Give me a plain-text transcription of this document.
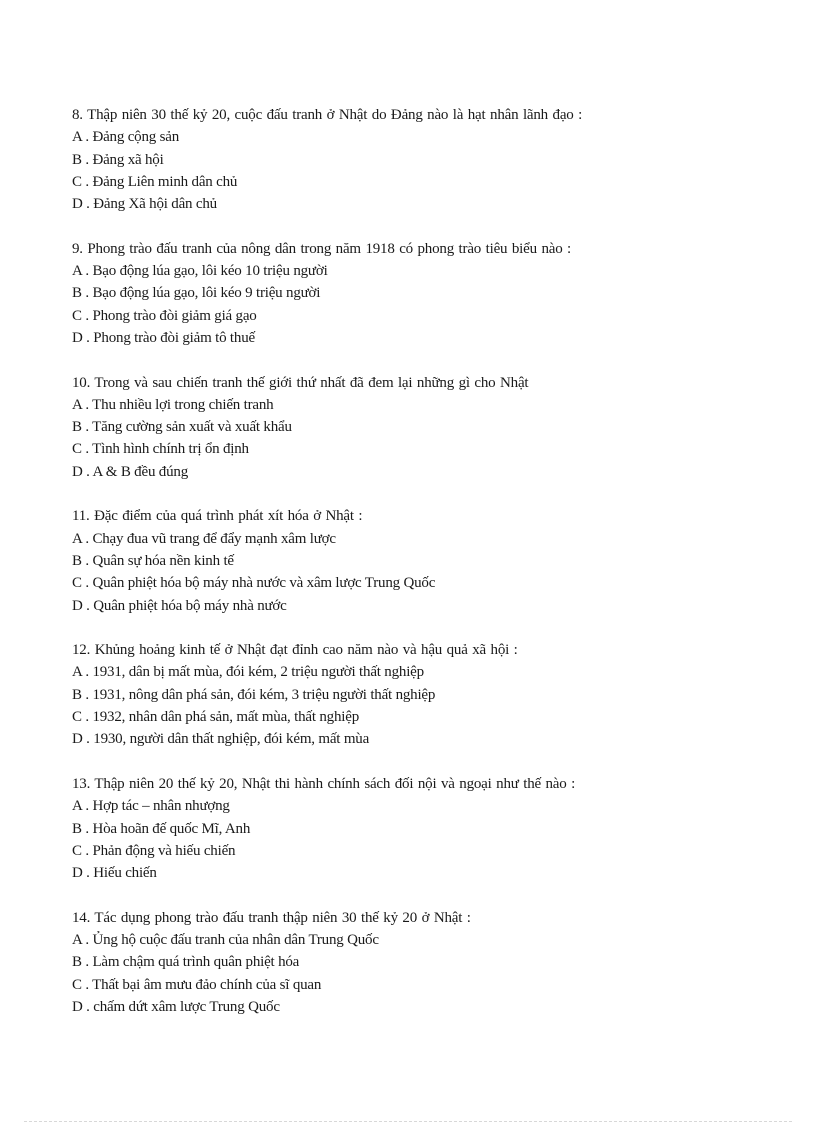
8. Thập niên 30 thế kỷ 20, cuộc đấu tranh ở Nhật do Đảng nào là hạt nhân lãnh đạo :
A . Đảng cộng sản
B . Đảng xã hội
C . Đảng Liên minh dân chủ
D . Đảng Xã hội dân chủ
9. Phong trào đấu tranh của nông dân trong năm 1918 có phong trào tiêu biểu nào :
A . Bạo động lúa gạo, lôi kéo 10 triệu người
B . Bạo động lúa gạo, lôi kéo 9 triệu người
C . Phong trào đòi giảm giá gạo
D . Phong trào đòi giảm tô thuế
10. Trong và sau chiến tranh thế giới thứ nhất đã đem lại những gì cho Nhật
A . Thu nhiều lợi trong chiến tranh
B . Tăng cường sản xuất và xuất khẩu
C . Tình hình chính trị ổn định
D . A & B đều đúng
11. Đặc điểm của quá trình phát xít hóa ở Nhật :
A . Chạy đua vũ trang để đẩy mạnh xâm lược
B . Quân sự hóa nền kinh tế
C . Quân phiệt hóa bộ máy nhà nước và xâm lược Trung Quốc
D . Quân phiệt hóa bộ máy nhà nước
12. Khủng hoảng kinh tế ở Nhật đạt đỉnh cao năm nào và hậu quả xã hội :
A . 1931, dân bị mất mùa, đói kém, 2 triệu người thất nghiệp
B . 1931, nông dân phá sản, đói kém, 3 triệu người thất nghiệp
C . 1932, nhân dân phá sản, mất mùa, thất nghiệp
D . 1930, người dân thất nghiệp, đói kém, mất mùa
13. Thập niên 20 thế kỷ 20, Nhật thi hành chính sách đối nội và ngoại như thế nào :
A . Hợp tác – nhân nhượng
B . Hòa hoãn đế quốc Mĩ, Anh
C . Phản động và hiếu chiến
D . Hiếu chiến
14. Tác dụng phong trào đấu tranh thập niên 30 thế kỷ 20 ở Nhật :
A . Ủng hộ cuộc đấu tranh của nhân dân Trung Quốc
B . Làm chậm quá trình quân phiệt hóa
C . Thất bại âm mưu đảo chính của sĩ quan
D . chấm dứt xâm lược Trung Quốc
